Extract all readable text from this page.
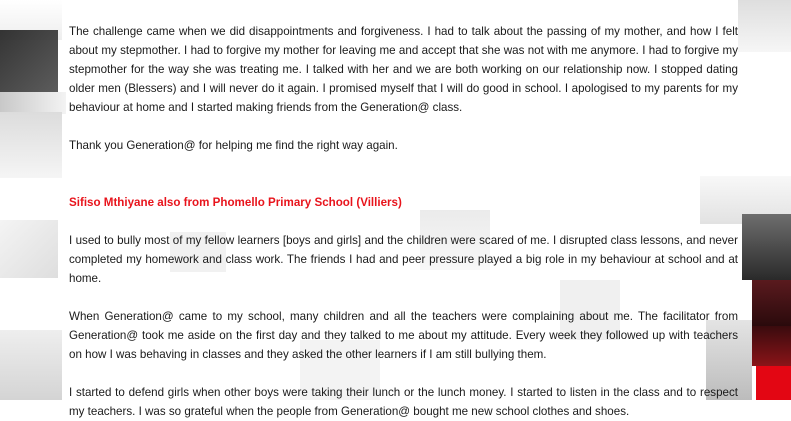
The challenge came when we did disappointments and forgiveness. I had to talk about the passing of my mother, and how I felt about my stepmother. I had to forgive my mother for leaving me and accept that she was not with me anymore. I had to forgive my stepmother for the way she was treating me. I talked with her and we are both working on our relationship now. I stopped dating older men (Blessers) and I will never do it again. I promised myself that I will do good in school. I apologised to my parents for my behaviour at home and I started making friends from the Generation@ class.

Thank you Generation@ for helping me find the right way again.

Sifiso Mthiyane also from Phomello Primary School (Villiers)

I used to bully most of my fellow learners [boys and girls] and the children were scared of me. I disrupted class lessons, and never completed my homework and class work. The friends I had and peer pressure played a big role in my behaviour at school and at home.

When Generation@ came to my school, many children and all the teachers were complaining about me. The facilitator from Generation@ took me aside on the first day and they talked to me about my attitude. Every week they followed up with teachers on how I was behaving in classes and they asked the other learners if I am still bullying them.

I started to defend girls when other boys were taking their lunch or the lunch money. I started to listen in the class and to respect my teachers. I was so grateful when the people from Generation@ bought me new school clothes and shoes.
